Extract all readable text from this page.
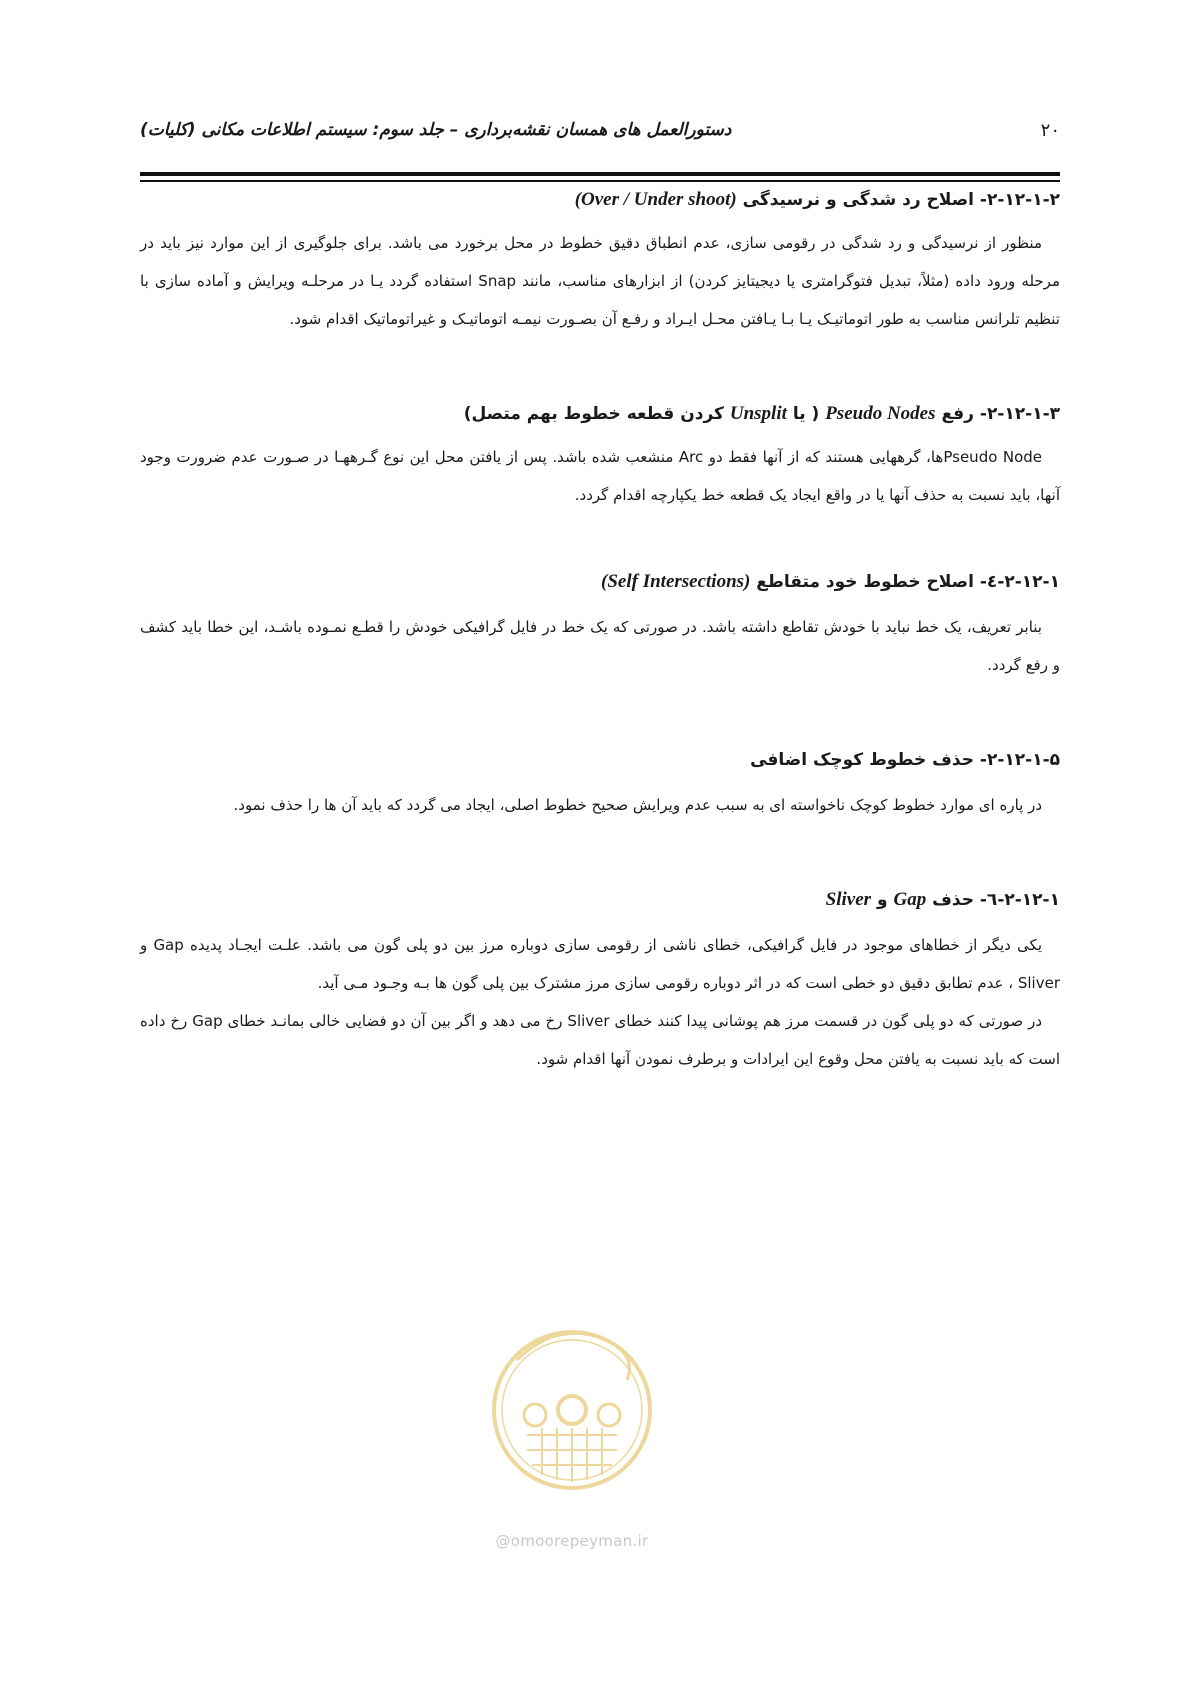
دستورالعمل های همسان نقشه‌برداری – جلد سوم: سیستم اطلاعات مکانی (کلیات)	۲۰
۲-۱۲-۱-۲- اصلاح رد شدگی و نرسیدگی (Over / Under shoot)

منظور از نرسیدگی و رد شدگی در رقومی سازی، عدم انطباق دقیق خطوط در محل برخورد می باشد. برای جلوگیری از این موارد نیز باید در مرحله ورود داده (مثلاً، تبدیل فتوگرامتری یا دیجیتایز کردن) از ابزارهای مناسب، مانند Snap استفاده گردد یـا در مرحلـه ویرایش و آماده سازی با تنظیم تلرانس مناسب به طور اتوماتیـک یـا بـا یـافتن محـل ایـراد و رفـع آن بصـورت نیمـه اتوماتیـک و غیراتوماتیک اقدام شود.

۲-۱۲-۱-۳- رفع Pseudo Nodes ( یا Unsplit کردن قطعه خطوط بهم متصل)

Pseudo Nodeها، گرههایی هستند که از آنها فقط دو Arc منشعب شده باشد. پس از یافتن محل این نوع گـرههـا در صـورت عدم ضرورت وجود آنها، باید نسبت به حذف آنها یا در واقع ایجاد یک قطعه خط یکپارچه اقدام گردد.

۲-۱۲-۱-٤- اصلاح خطوط خود متقاطع (Self Intersections)

بنابر تعریف، یک خط نباید با خودش تقاطع داشته باشد. در صورتی که یک خط در فایل گرافیکی خودش را قطـع نمـوده باشـد، این خطا باید کشف و رفع گردد.

۲-۱۲-۱-۵- حذف خطوط کوچک اضافی

در پاره ای موارد خطوط کوچک ناخواسته ای به سبب عدم ویرایش صحیح خطوط اصلی، ایجاد می گردد که باید آن ها را حذف نمود.

۲-۱۲-۱-٦- حذف Gap و Sliver

یکی دیگر از خطاهای موجود در فایل گرافیکی، خطای ناشی از رقومی سازی دوباره مرز بین دو پلی گون می باشد. علـت ایجـاد پدیده Gap و Sliver ، عدم تطابق دقیق دو خطی است که در اثر دوباره رقومی سازی مرز مشترک بین پلی گون ها بـه وجـود مـی آید.

در صورتی که دو پلی گون در قسمت مرز هم پوشانی پیدا کنند خطای Sliver رخ می دهد و اگر بین آن دو فضایی خالی بمانـد خطای Gap رخ داده است که باید نسبت به یافتن محل وقوع این ایرادات و برطرف نمودن آنها اقدام شود.

@omoorepeyman.ir
